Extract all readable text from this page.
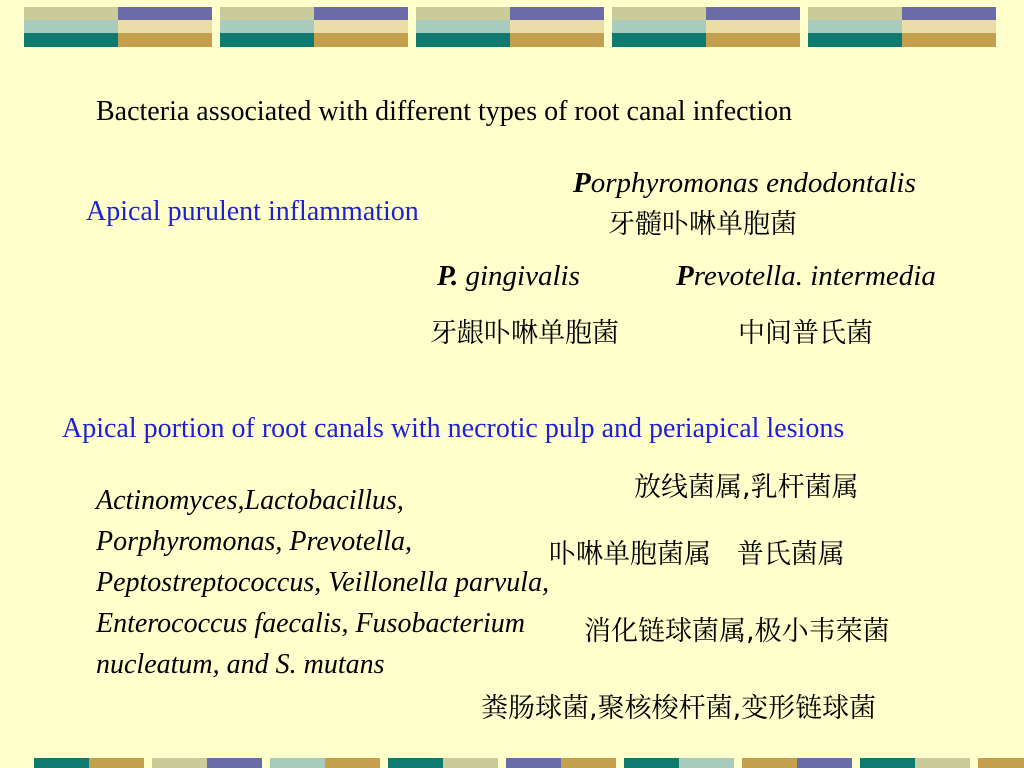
Bacteria associated with different types of root canal infection
Apical purulent inflammation
Porphyromonas endodontalis
牙髓卟啉单胞菌
P. gingivalis	Prevotella. intermedia
牙龈卟啉单胞菌	中间普氏菌
Apical portion of root canals with necrotic pulp and periapical lesions
Actinomyces,Lactobacillus, Porphyromonas, Prevotella, Peptostreptococcus, Veillonella parvula, Enterococcus faecalis, Fusobacterium nucleatum, and S. mutans
放线菌属,乳杆菌属
卟啉单胞菌属   普氏菌属
消化链球菌属,极小韦荣菌
粪肠球菌,聚核梭杆菌,变形链球菌
